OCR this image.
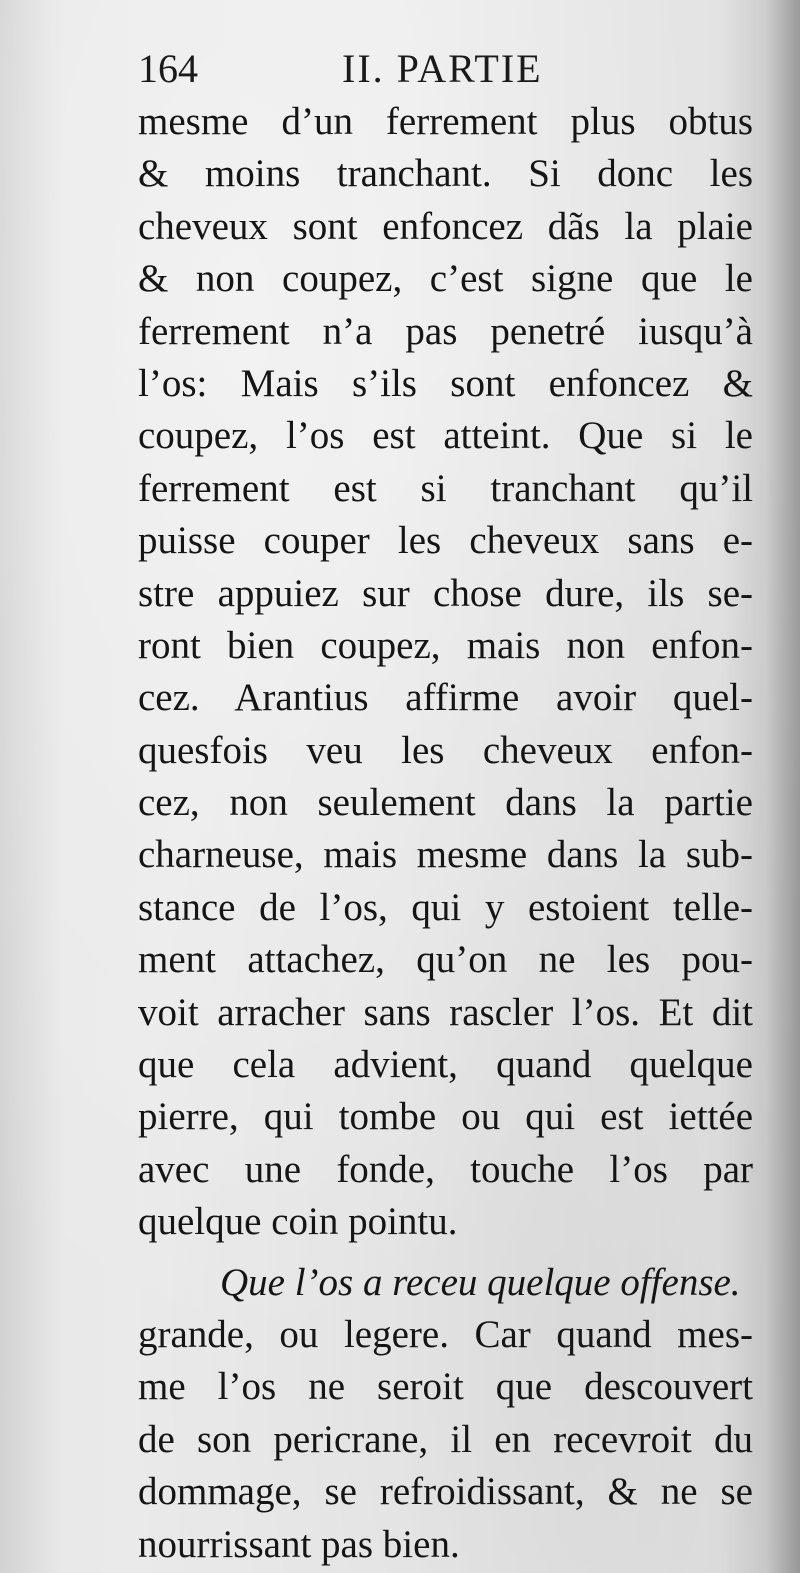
164	II. PARTIE
mesme d’un ferrement plus obtus
& moins tranchant. Si donc les
cheveux sont enfoncez dãs la plaie
& non coupez, c’est signe que le
ferrement n’a pas penetré iusqu’à
l’os: Mais s’ils sont enfoncez &
coupez, l’os est atteint. Que si le
ferrement est si tranchant qu’il
puisse couper les cheveux sans e-
stre appuiez sur chose dure, ils se-
ront bien coupez, mais non enfon-
cez. Arantius affirme avoir quel-
quesfois veu les cheveux enfon-
cez, non seulement dans la partie
charneuse, mais mesme dans la sub-
stance de l’os, qui y estoient telle-
ment attachez, qu’on ne les pou-
voit arracher sans rascler l’os. Et dit
que cela advient, quand quelque
pierre, qui tombe ou qui est iettée
avec une fonde, touche l’os par
quelque coin pointu.
Que l’os a receu quelque offense.
grande, ou legere. Car quand mes-
me l’os ne seroit que descouvert
de son pericrane, il en recevroit du
dommage, se refroidissant, & ne se
nourrissant pas bien.
